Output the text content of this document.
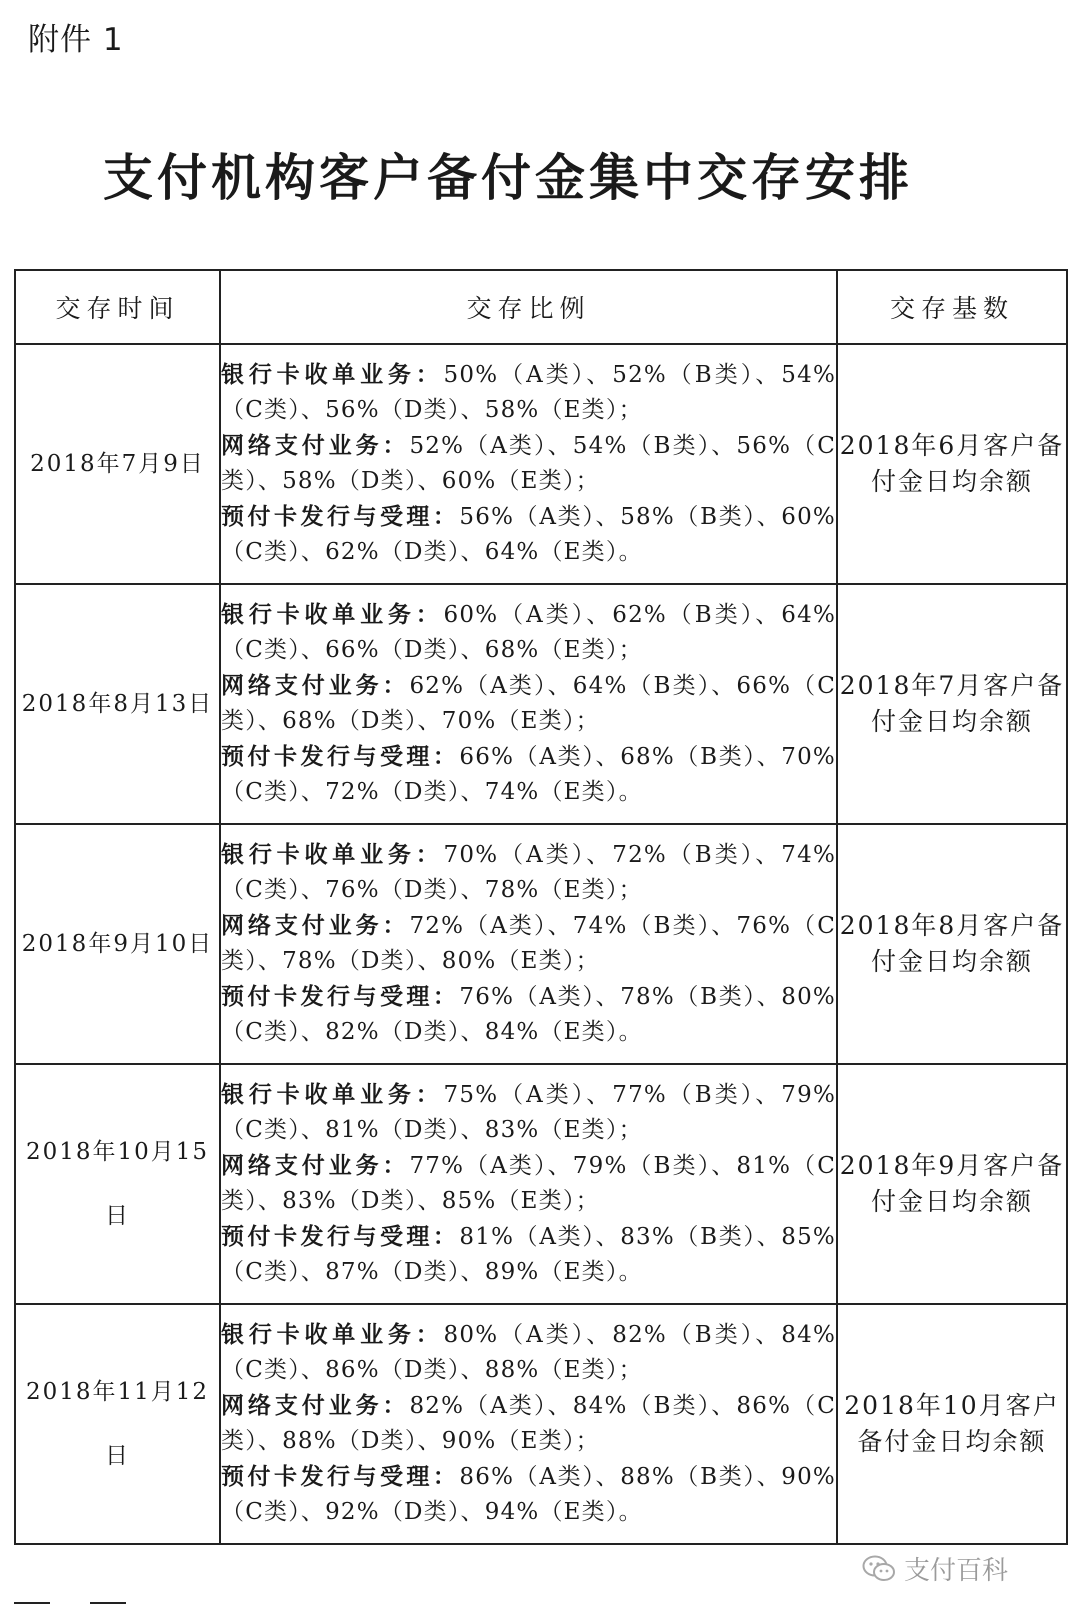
附件 1
支付机构客户备付金集中交存安排
交存时间	交存比例	交存基数
2018年7月9日	银行卡收单业务：50%（A类）、52%（B类）、54%（C类）、56%（D类）、58%（E类）；
网络支付业务：52%（A类）、54%（B类）、56%（C类）、58%（D类）、60%（E类）；
预付卡发行与受理：56%（A类）、58%（B类）、60%（C类）、62%（D类）、64%（E类）。	2018年6月客户备付金日均余额
2018年8月13日	银行卡收单业务：60%（A类）、62%（B类）、64%（C类）、66%（D类）、68%（E类）；
网络支付业务：62%（A类）、64%（B类）、66%（C类）、68%（D类）、70%（E类）；
预付卡发行与受理：66%（A类）、68%（B类）、70%（C类）、72%（D类）、74%（E类）。	2018年7月客户备付金日均余额
2018年9月10日	银行卡收单业务：70%（A类）、72%（B类）、74%（C类）、76%（D类）、78%（E类）；
网络支付业务：72%（A类）、74%（B类）、76%（C类）、78%（D类）、80%（E类）；
预付卡发行与受理：76%（A类）、78%（B类）、80%（C类）、82%（D类）、84%（E类）。	2018年8月客户备付金日均余额
2018年10月15日	银行卡收单业务：75%（A类）、77%（B类）、79%（C类）、81%（D类）、83%（E类）；
网络支付业务：77%（A类）、79%（B类）、81%（C类）、83%（D类）、85%（E类）；
预付卡发行与受理：81%（A类）、83%（B类）、85%（C类）、87%（D类）、89%（E类）。	2018年9月客户备付金日均余额
2018年11月12日	银行卡收单业务：80%（A类）、82%（B类）、84%（C类）、86%（D类）、88%（E类）；
网络支付业务：82%（A类）、84%（B类）、86%（C类）、88%（D类）、90%（E类）；
预付卡发行与受理：86%（A类）、88%（B类）、90%（C类）、92%（D类）、94%（E类）。	2018年10月客户备付金日均余额
支付百科
